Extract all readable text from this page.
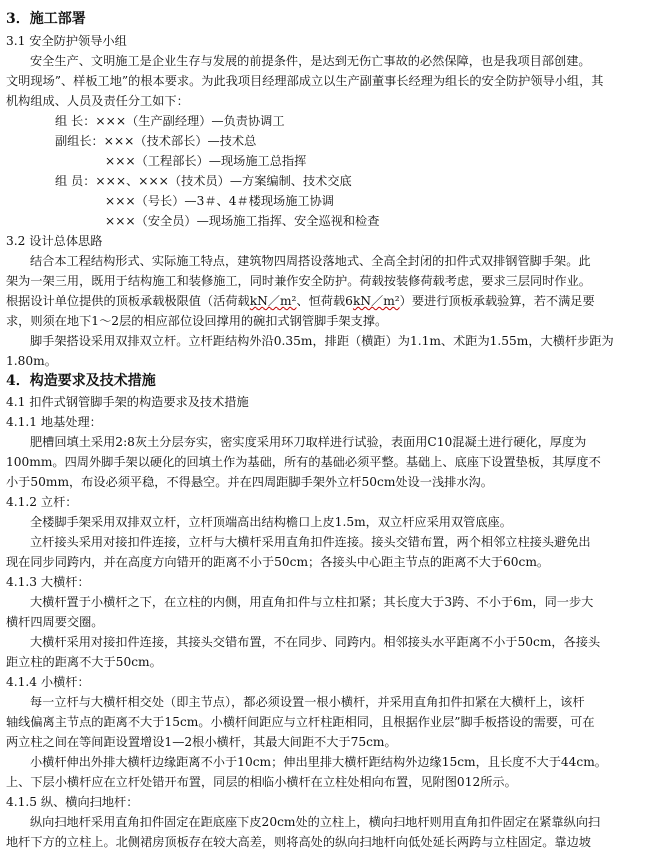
3．施工部署
3.1 安全防护领导小组
安全生产、文明施工是企业生存与发展的前提条件，是达到无伤亡事故的必然保障，也是我项目部创建。
文明现场”、样板工地”的根本要求。为此我项目经理部成立以生产副董事长经理为组长的安全防护领导小组，其
机构组成、人员及责任分工如下：
组 长：×××（生产副经理）—负责协调工
副组长：×××（技术部长）—技术总
×××（工程部长）—现场施工总指挥
组 员：×××、×××（技术员）—方案编制、技术交底
×××（号长）—3＃、4＃楼现场施工协调
×××（安全员）—现场施工指挥、安全巡视和检查
3.2 设计总体思路
结合本工程结构形式、实际施工特点，建筑物四周搭设落地式、全高全封闭的扣件式双排钢管脚手架。此
架为一架三用，既用于结构施工和装修施工，同时兼作安全防护。荷载按装修荷载考虑，要求三层同时作业。
根据设计单位提供的顶板承载极限值（活荷载kN／m²、恒荷载6kN／m²）要进行顶板承载验算，若不满足要
求，则须在地下1～2层的相应部位设回撑用的碗扣式钢管脚手架支撑。
脚手架搭设采用双排双立杆。立杆距结构外沿0.35m，排距（横距）为1.1m、术距为1.55m，大横杆步距为
1.80m。
4．构造要求及技术措施
4.1 扣件式钢管脚手架的构造要求及技术措施
4.1.1 地基处理：
肥槽回填土采用2:8灰土分层夯实，密实度采用环刀取样进行试验，表面用C10混凝土进行硬化，厚度为
100mm。四周外脚手架以硬化的回填土作为基础，所有的基础必须平整。基础上、底座下设置垫板，其厚度不
小于50mm，布设必须平稳，不得悬空。并在四周距脚手架外立杆50cm处设一浅排水沟。
4.1.2 立杆：
全楼脚手架采用双排双立杆，立杆顶端高出结构檐口上皮1.5m，双立杆应采用双管底座。
立杆接头采用对接扣件连接，立杆与大横杆采用直角扣件连接。接头交错布置，两个相邻立柱接头避免出
现在同步同跨内，并在高度方向错开的距离不小于50cm；各接头中心距主节点的距离不大于60cm。
4.1.3 大横杆：
大横杆置于小横杆之下，在立柱的内侧，用直角扣件与立柱扣紧；其长度大于3跨、不小于6m，同一步大
横杆四周要交圈。
大横杆采用对接扣件连接，其接头交错布置，不在同步、同跨内。相邻接头水平距离不小于50cm，各接头
距立柱的距离不大于50cm。
4.1.4 小横杆：
每一立杆与大横杆相交处（即主节点），都必须设置一根小横杆，并采用直角扣件扣紧在大横杆上，该杆
轴线偏离主节点的距离不大于15cm。小横杆间距应与立杆柱距相同，且根据作业层”脚手板搭设的需要，可在
两立柱之间在等间距设置增设1—2根小横杆，其最大间距不大于75cm。
小横杆伸出外排大横杆边缘距离不小于10cm；伸出里排大横杆距结构外边缘15cm，且长度不大于44cm。
上、下层小横杆应在立杆处错开布置，同层的相临小横杆在立柱处相向布置，见附图012所示。
4.1.5 纵、横向扫地杆：
纵向扫地杆采用直角扣件固定在距底座下皮20cm处的立柱上，横向扫地杆则用直角扣件固定在紧靠纵向扫
地杆下方的立柱上。北侧裙房顶板存在较大高差，则将高处的纵向扫地杆向低处延长两跨与立柱固定。靠边坡
